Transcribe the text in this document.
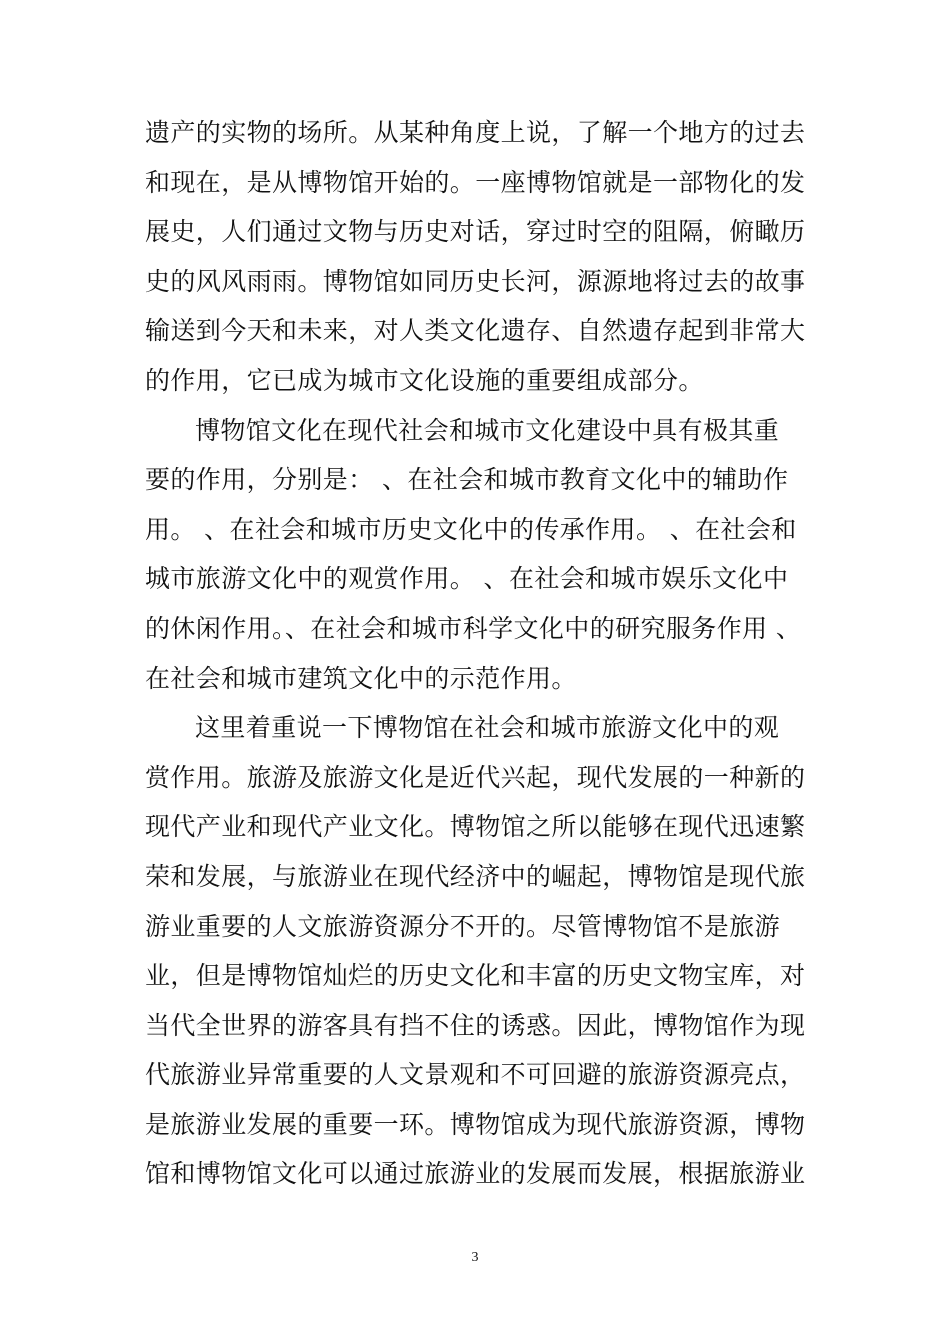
遗产的实物的场所。从某种角度上说，了解一个地方的过去
和现在，是从博物馆开始的。一座博物馆就是一部物化的发
展史，人们通过文物与历史对话，穿过时空的阻隔，俯瞰历
史的风风雨雨。博物馆如同历史长河，源源地将过去的故事
输送到今天和未来，对人类文化遗存、自然遗存起到非常大
的作用，它已成为城市文化设施的重要组成部分。
博物馆文化在现代社会和城市文化建设中具有极其重
要的作用，分别是： 、在社会和城市教育文化中的辅助作
用。 、在社会和城市历史文化中的传承作用。 、在社会和
城市旅游文化中的观赏作用。 、在社会和城市娱乐文化中
的休闲作用。、在社会和城市科学文化中的研究服务作用 、
在社会和城市建筑文化中的示范作用。
这里着重说一下博物馆在社会和城市旅游文化中的观
赏作用。旅游及旅游文化是近代兴起，现代发展的一种新的
现代产业和现代产业文化。博物馆之所以能够在现代迅速繁
荣和发展，与旅游业在现代经济中的崛起，博物馆是现代旅
游业重要的人文旅游资源分不开的。尽管博物馆不是旅游
业，但是博物馆灿烂的历史文化和丰富的历史文物宝库，对
当代全世界的游客具有挡不住的诱惑。因此，博物馆作为现
代旅游业异常重要的人文景观和不可回避的旅游资源亮点，
是旅游业发展的重要一环。博物馆成为现代旅游资源，博物
馆和博物馆文化可以通过旅游业的发展而发展，根据旅游业
3
